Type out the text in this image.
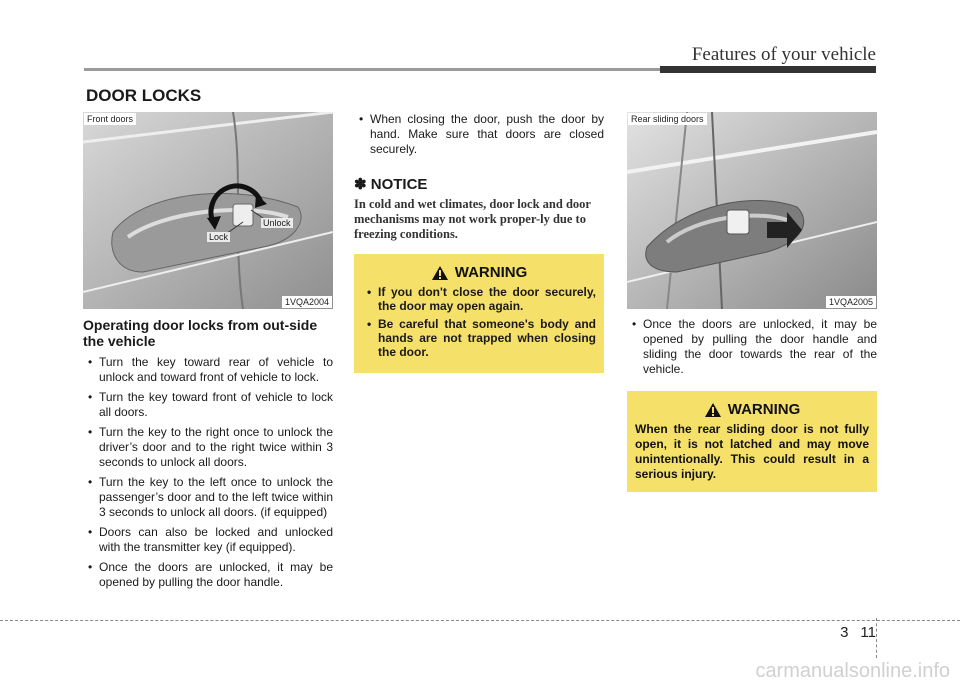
Features of your vehicle
DOOR LOCKS
Front doors
Lock
Unlock
1VQA2004
Operating door locks from out-side the vehicle
• Turn the key toward rear of vehicle to unlock and toward front of vehicle to lock.
• Turn the key toward front of vehicle to lock all doors.
• Turn the key to the right once to unlock the driver’s door and to the right twice within 3 seconds to unlock all doors.
• Turn the key to the left once to unlock the passenger’s door and to the left twice within 3 seconds to unlock all doors. (if equipped)
• Doors can also be locked and unlocked with the transmitter key (if equipped).
• Once the doors are unlocked, it may be opened by pulling the door handle.
• When closing the door, push the door by hand. Make sure that doors are closed securely.
✽ NOTICE
In cold and wet climates, door lock and door mechanisms may not work proper-ly due to freezing conditions.
WARNING
• If you don't close the door securely, the door may open again.
• Be careful that someone's body and hands are not trapped when closing the door.
Rear sliding doors
1VQA2005
• Once the doors are unlocked, it may be opened by pulling the door handle and sliding the door towards the rear of the vehicle.
WARNING
When the rear sliding door is not fully open, it is not latched and may move unintentionally. This could result in a serious injury.
3 11
carmanualsonline.info
